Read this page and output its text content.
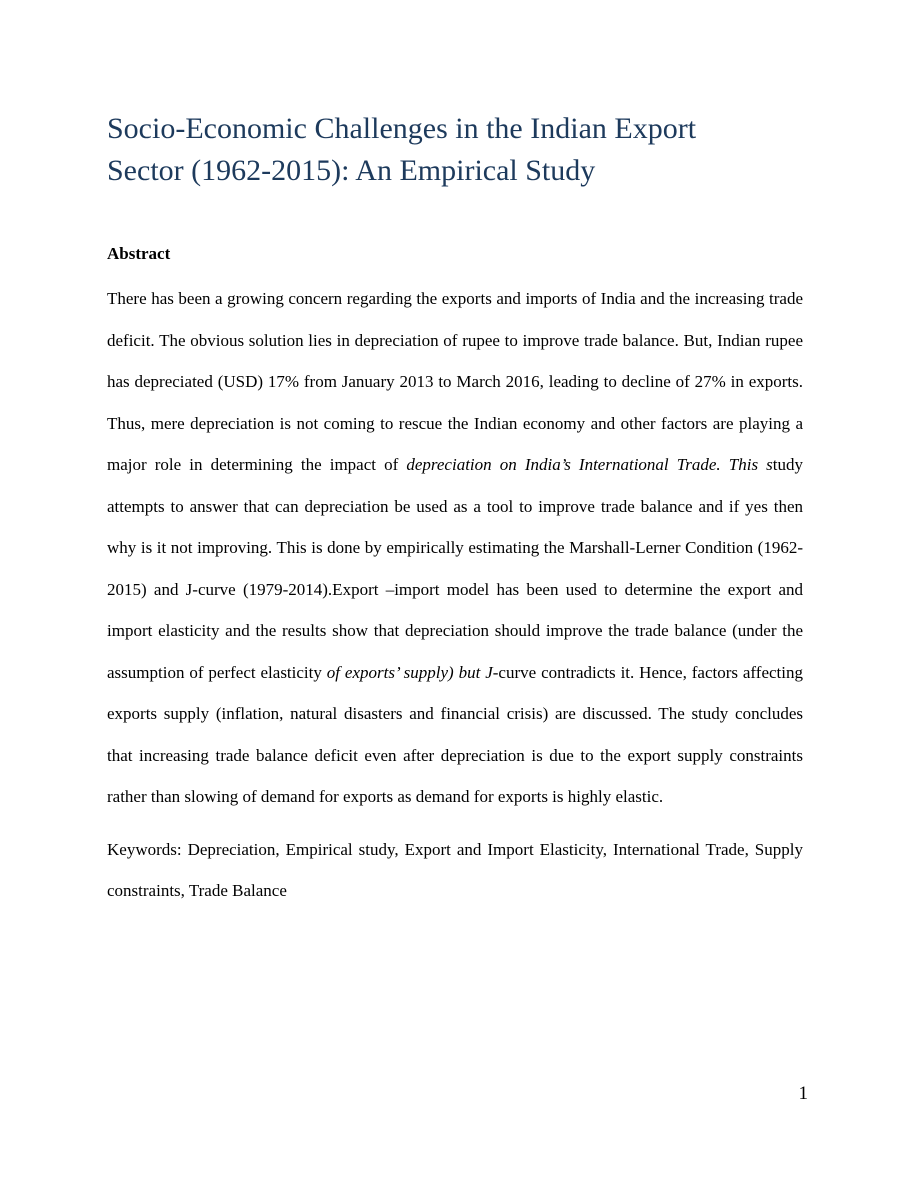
Socio-Economic Challenges in the Indian Export Sector (1962-2015): An Empirical Study
Abstract

There has been a growing concern regarding the exports and imports of India and the increasing trade deficit. The obvious solution lies in depreciation of rupee to improve trade balance. But, Indian rupee has depreciated (USD) 17% from January 2013 to March 2016, leading to decline of 27% in exports. Thus, mere depreciation is not coming to rescue the Indian economy and other factors are playing a major role in determining the impact of depreciation on India’s International Trade. This study attempts to answer that can depreciation be used as a tool to improve trade balance and if yes then why is it not improving. This is done by empirically estimating the Marshall-Lerner Condition (1962-2015) and J-curve (1979-2014).Export –import model has been used to determine the export and import elasticity and the results show that depreciation should improve the trade balance (under the assumption of perfect elasticity of exports’ supply) but J-curve contradicts it. Hence, factors affecting exports supply (inflation, natural disasters and financial crisis) are discussed. The study concludes that increasing trade balance deficit even after depreciation is due to the export supply constraints rather than slowing of demand for exports as demand for exports is highly elastic.

Keywords: Depreciation, Empirical study, Export and Import Elasticity, International Trade, Supply constraints, Trade Balance

1
